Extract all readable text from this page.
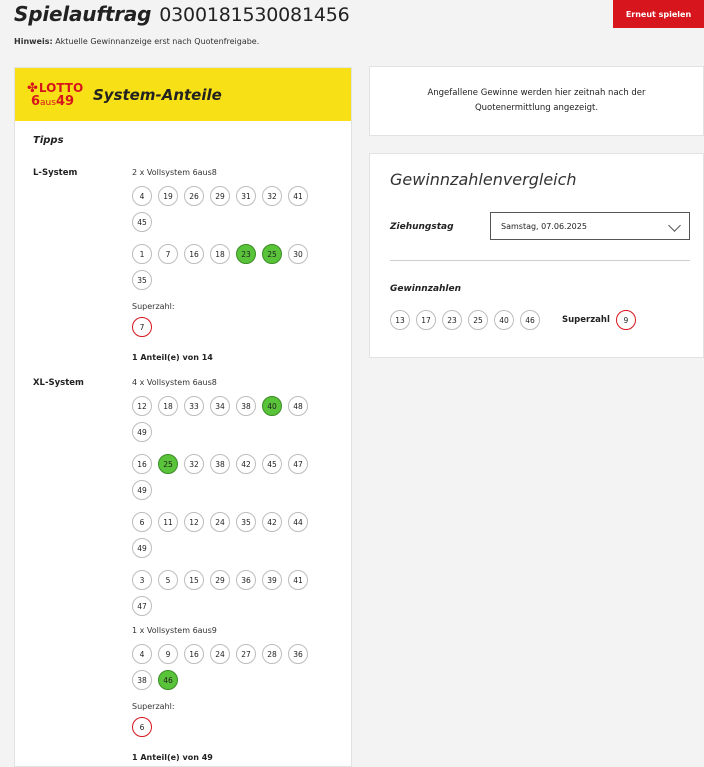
Spielauftrag 0300181530081456
Hinweis: Aktuelle Gewinnanzeige erst nach Quotenfreigabe.
Erneut spielen
✤ LOTTO
6aus49	System-Anteile
Tipps
L-System	2 x Vollsystem 6aus8
4	19	26	29	31	32	41
45
1	7	16	18	23	25	30
35
Superzahl:
7
1 Anteil(e) von 14
XL-System	4 x Vollsystem 6aus8
12	18	33	34	38	40	48
49
16	25	32	38	42	45	47
49
6	11	12	24	35	42	44
49
3	5	15	29	36	39	41
47
1 x Vollsystem 6aus9
4	9	16	24	27	28	36
38	46
Superzahl:
6
1 Anteil(e) von 49
Angefallene Gewinne werden hier zeitnah nach der
Quotenermittlung angezeigt.
Gewinnzahlenvergleich
Ziehungstag	Samstag, 07.06.2025
Gewinnzahlen
13	17	23	25	40	46	Superzahl	9
